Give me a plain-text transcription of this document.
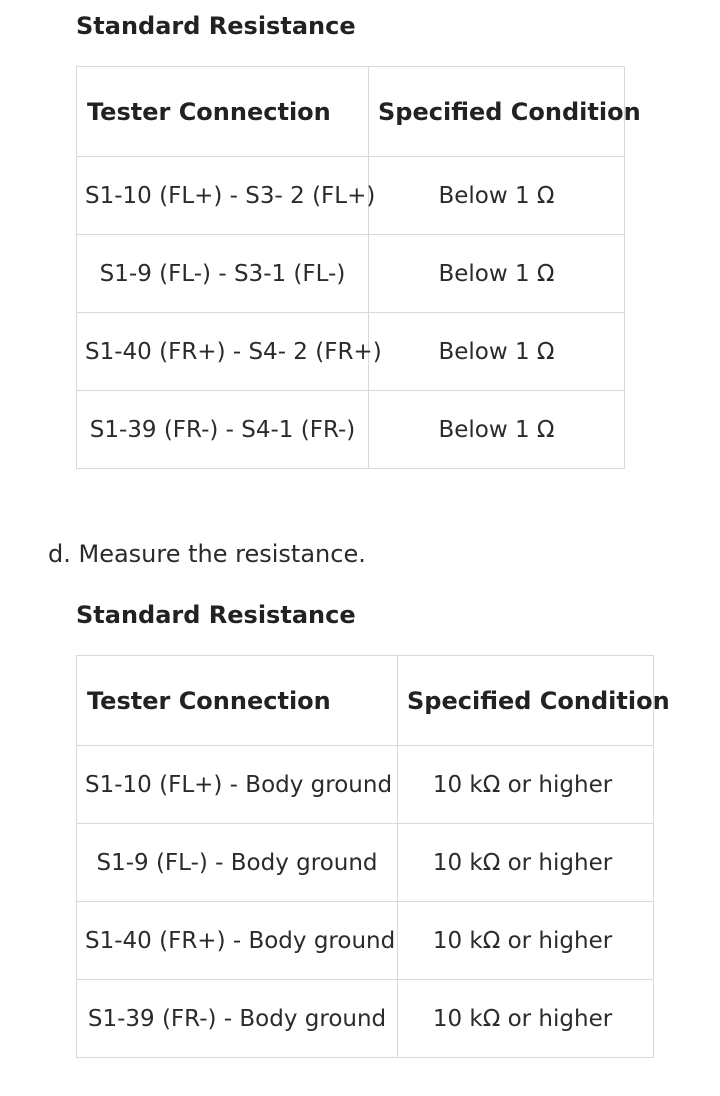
Standard Resistance
Tester Connection	Specified Condition
S1-10 (FL+) - S3- 2 (FL+)	Below 1 Ω
S1-9 (FL-) - S3-1 (FL-)	Below 1 Ω
S1-40 (FR+) - S4- 2 (FR+)	Below 1 Ω
S1-39 (FR-) - S4-1 (FR-)	Below 1 Ω
d. Measure the resistance.
Standard Resistance
Tester Connection	Specified Condition
S1-10 (FL+) - Body ground	10 kΩ or higher
S1-9 (FL-) - Body ground	10 kΩ or higher
S1-40 (FR+) - Body ground	10 kΩ or higher
S1-39 (FR-) - Body ground	10 kΩ or higher
